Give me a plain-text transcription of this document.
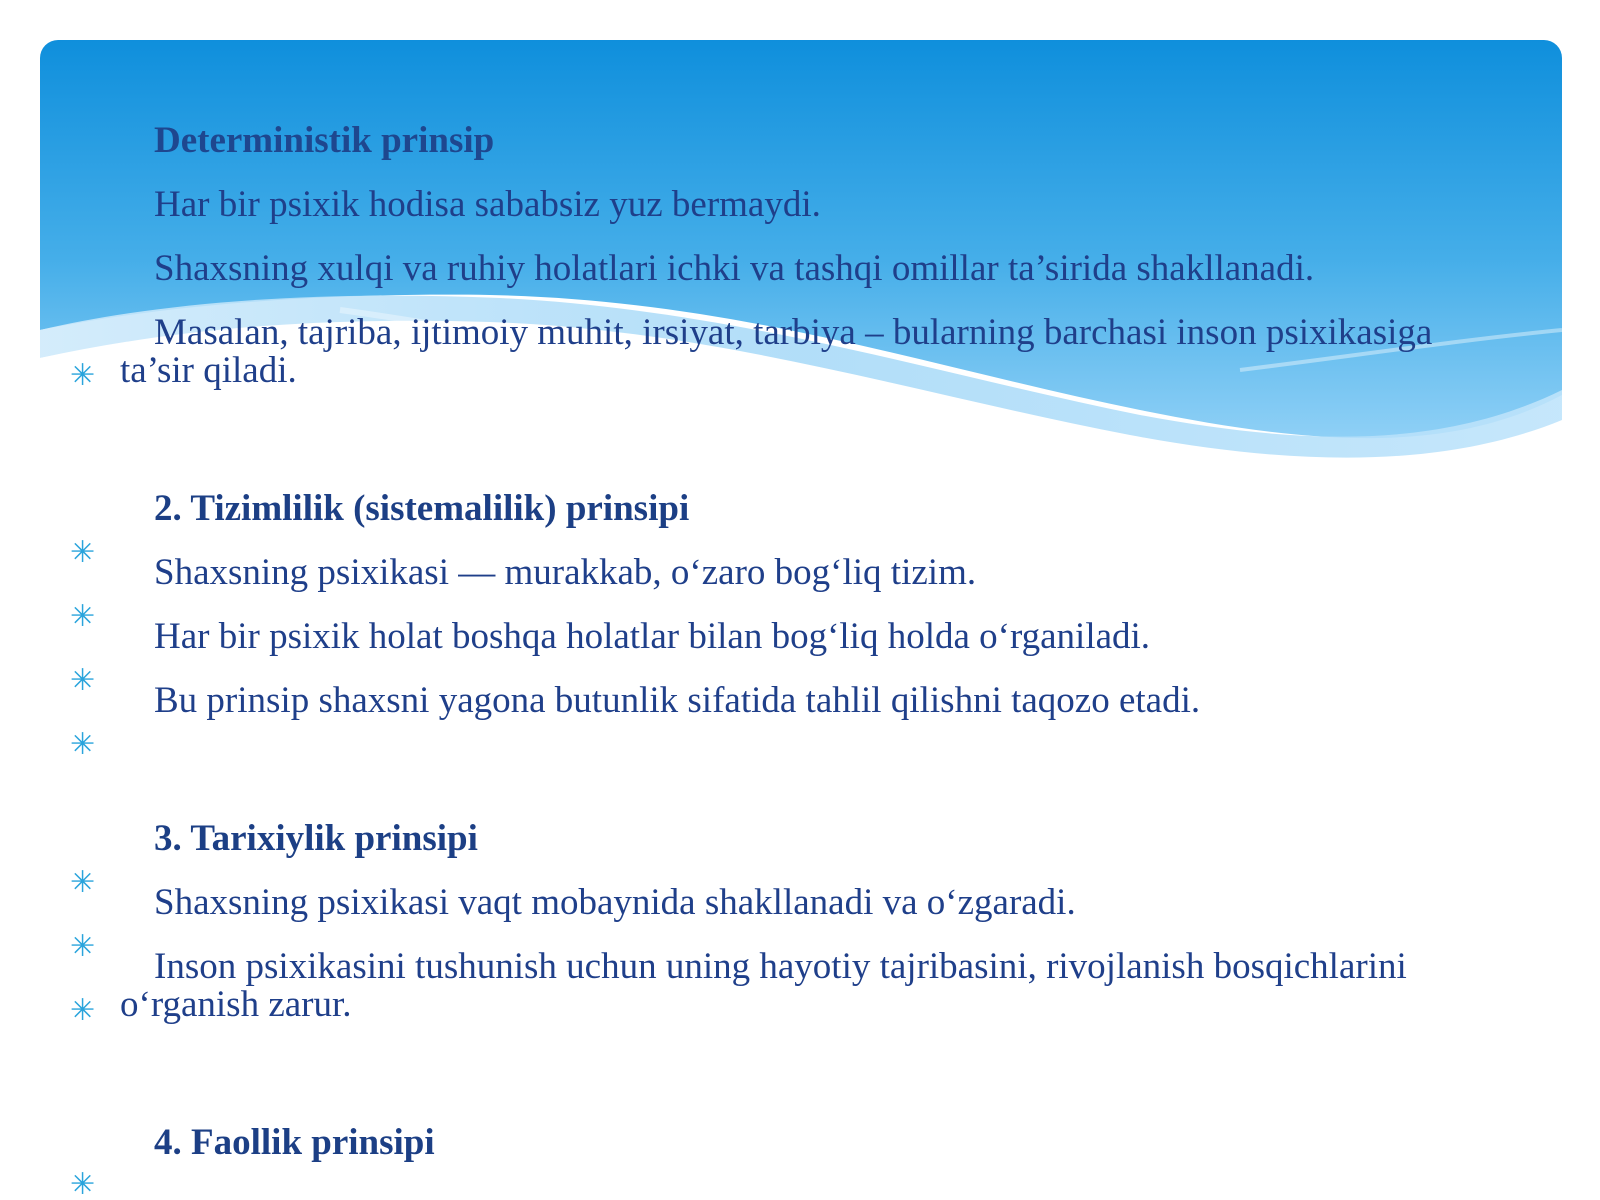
Deterministik prinsip
Har bir psixik hodisa sababsiz yuz bermaydi.
Shaxsning xulqi va ruhiy holatlari ichki va tashqi omillar ta’sirida shakllanadi.
Masalan, tajriba, ijtimoiy muhit, irsiyat, tarbiya – bularning barchasi inson psixikasiga
✳ ta’sir qiladi.
2. Tizimlilik (sistemalilik) prinsipi
✳ Shaxsning psixikasi — murakkab, o‘zaro bog‘liq tizim.
✳ Har bir psixik holat boshqa holatlar bilan bog‘liq holda o‘rganiladi.
✳ Bu prinsip shaxsni yagona butunlik sifatida tahlil qilishni taqozo etadi.
✳
3. Tarixiylik prinsipi
✳ Shaxsning psixikasi vaqt mobaynida shakllanadi va o‘zgaradi.
✳ Inson psixikasini tushunish uchun uning hayotiy tajribasini, rivojlanish bosqichlarini
✳ o‘rganish zarur.
4. Faollik prinsipi
✳
